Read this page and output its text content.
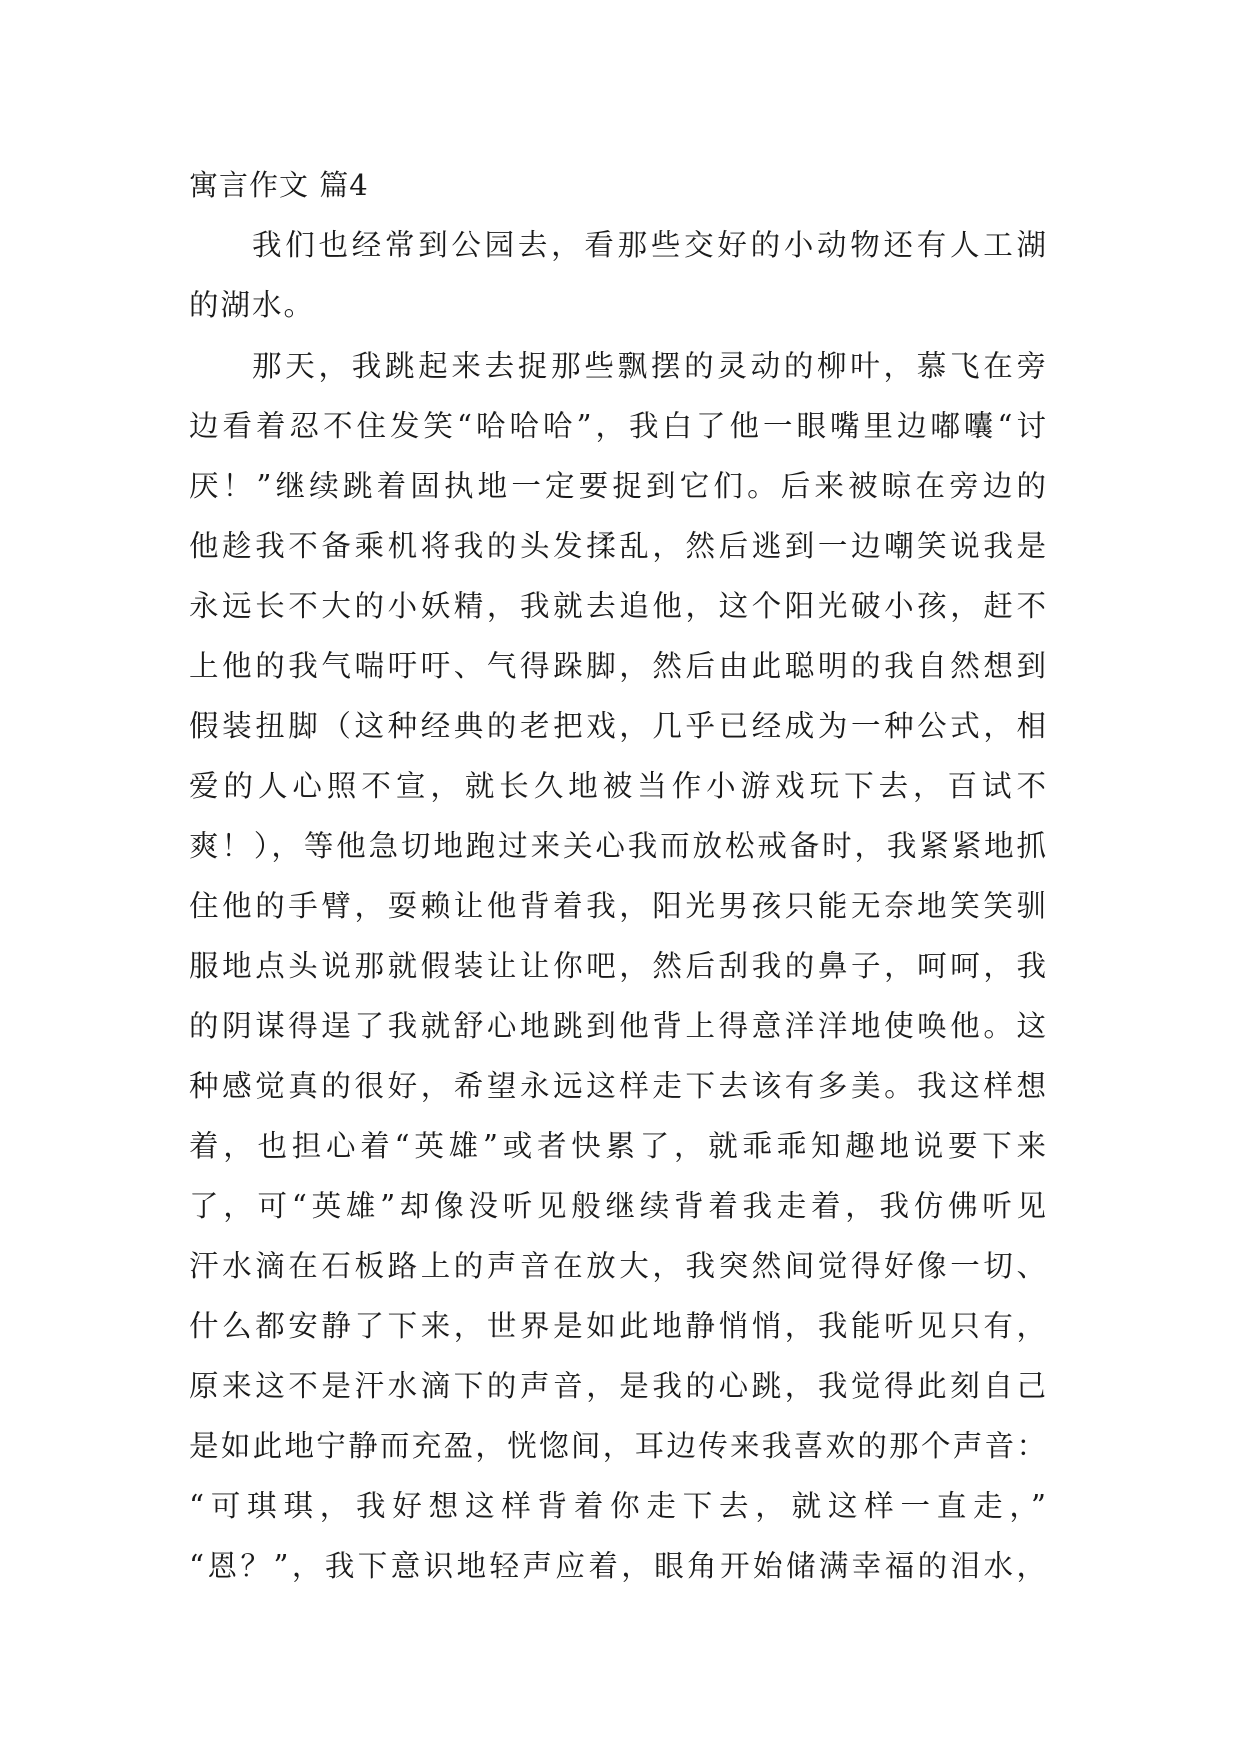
寓言作文 篇4
我们也经常到公园去，看那些交好的小动物还有人工湖
的湖水。
那天，我跳起来去捉那些飘摆的灵动的柳叶，慕飞在旁
边看着忍不住发笑“哈哈哈”，我白了他一眼嘴里边嘟囔“讨
厌！”继续跳着固执地一定要捉到它们。后来被晾在旁边的
他趁我不备乘机将我的头发揉乱，然后逃到一边嘲笑说我是
永远长不大的小妖精，我就去追他，这个阳光破小孩，赶不
上他的我气喘吁吁、气得跺脚，然后由此聪明的我自然想到
假装扭脚（这种经典的老把戏，几乎已经成为一种公式，相
爱的人心照不宣，就长久地被当作小游戏玩下去，百试不
爽！），等他急切地跑过来关心我而放松戒备时，我紧紧地抓
住他的手臂，耍赖让他背着我，阳光男孩只能无奈地笑笑驯
服地点头说那就假装让让你吧，然后刮我的鼻子，呵呵，我
的阴谋得逞了我就舒心地跳到他背上得意洋洋地使唤他。这
种感觉真的很好，希望永远这样走下去该有多美。我这样想
着，也担心着“英雄”或者快累了，就乖乖知趣地说要下来
了，可“英雄”却像没听见般继续背着我走着，我仿佛听见
汗水滴在石板路上的声音在放大，我突然间觉得好像一切、
什么都安静了下来，世界是如此地静悄悄，我能听见只有，
原来这不是汗水滴下的声音，是我的心跳，我觉得此刻自己
是如此地宁静而充盈，恍惚间，耳边传来我喜欢的那个声音：
“可琪琪，我好想这样背着你走下去，就这样一直走，”
“恩？”，我下意识地轻声应着，眼角开始储满幸福的泪水，
